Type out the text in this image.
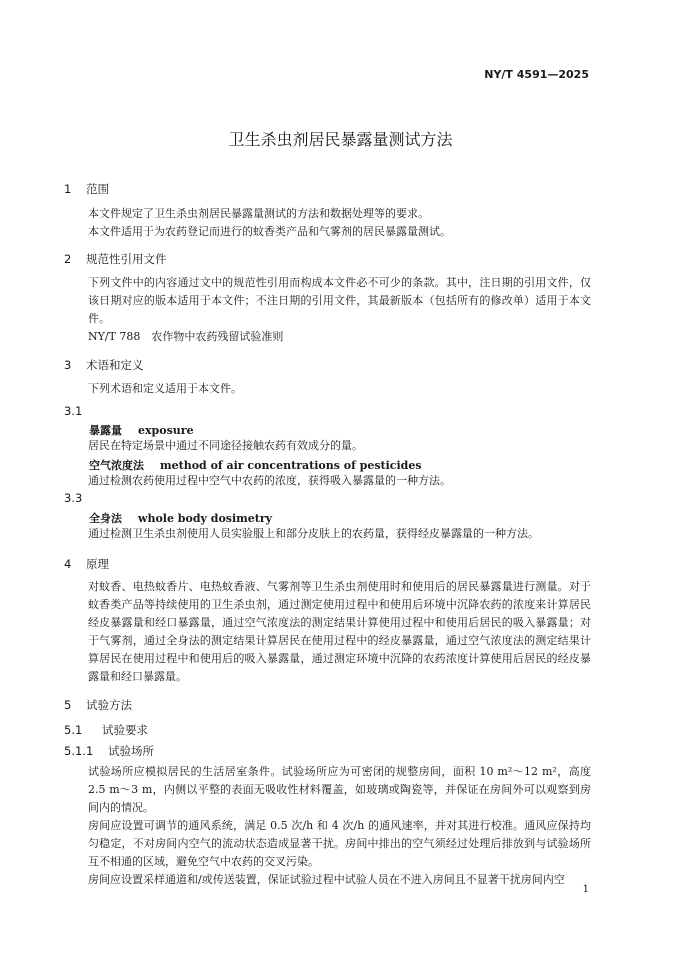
NY/T 4591—2025
卫生杀虫剂居民暴露量测试方法
1 范围
本文件规定了卫生杀虫剂居民暴露量测试的方法和数据处理等的要求。
本文件适用于为农药登记而进行的蚊香类产品和气雾剂的居民暴露量测试。
2 规范性引用文件
下列文件中的内容通过文中的规范性引用而构成本文件必不可少的条款。其中，注日期的引用文件，仅该日期对应的版本适用于本文件；不注日期的引用文件，其最新版本（包括所有的修改单）适用于本文件。
NY/T 788　农作物中农药残留试验准则
3 术语和定义
下列术语和定义适用于本文件。
3.1
暴露量 exposure
居民在特定场景中通过不同途径接触农药有效成分的量。
空气浓度法 method of air concentrations of pesticides
通过检测农药使用过程中空气中农药的浓度，获得吸入暴露量的一种方法。
3.3
全身法 whole body dosimetry
通过检测卫生杀虫剂使用人员实验服上和部分皮肤上的农药量，获得经皮暴露量的一种方法。
4 原理
对蚊香、电热蚊香片、电热蚊香液、气雾剂等卫生杀虫剂使用时和使用后的居民暴露量进行测量。对于蚊香类产品等持续使用的卫生杀虫剂，通过测定使用过程中和使用后环境中沉降农药的浓度来计算居民经皮暴露量和经口暴露量，通过空气浓度法的测定结果计算使用过程中和使用后居民的吸入暴露量；对于气雾剂，通过全身法的测定结果计算居民在使用过程中的经皮暴露量，通过空气浓度法的测定结果计算居民在使用过程中和使用后的吸入暴露量，通过测定环境中沉降的农药浓度计算使用后居民的经皮暴露量和经口暴露量。
5 试验方法
5.1 试验要求
5.1.1 试验场所
试验场所应模拟居民的生活居室条件。试验场所应为可密闭的规整房间，面积 10 m²～12 m²，高度 2.5 m～3 m，内侧以平整的表面无吸收性材料覆盖，如玻璃或陶瓷等，并保证在房间外可以观察到房间内的情况。
房间应设置可调节的通风系统，满足 0.5 次/h 和 4 次/h 的通风速率，并对其进行校准。通风应保持均匀稳定，不对房间内空气的流动状态造成显著干扰。房间中排出的空气须经过处理后排放到与试验场所互不相通的区域，避免空气中农药的交叉污染。
房间应设置采样通道和/或传送装置，保证试验过程中试验人员在不进入房间且不显著干扰房间内空
1
